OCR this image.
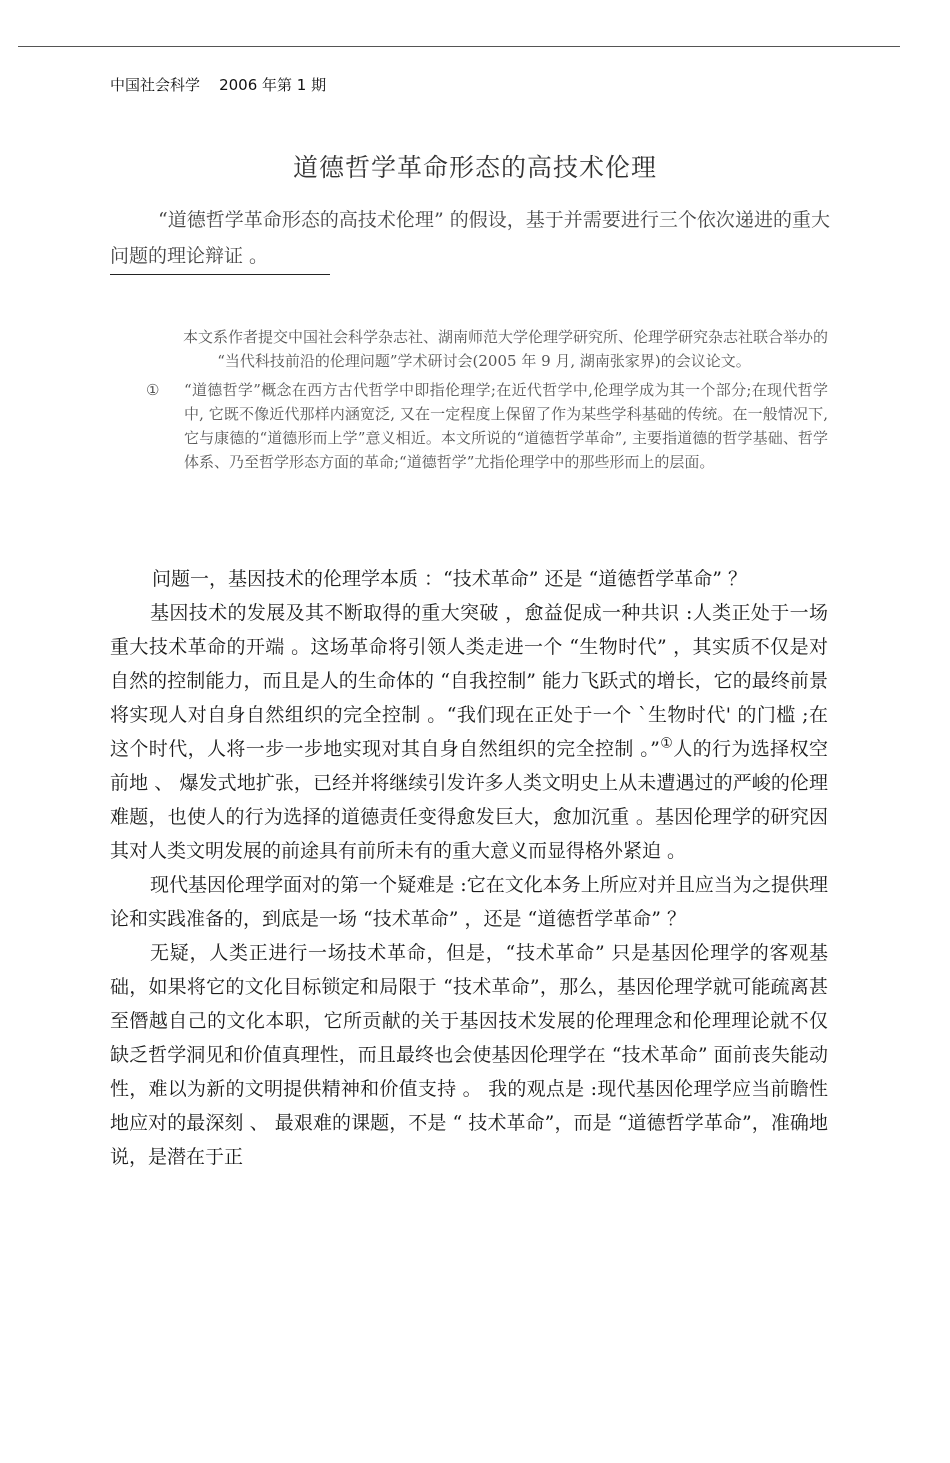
中国社会科学 2006 年第 1 期
道德哲学革命形态的高技术伦理
“道德哲学革命形态的高技术伦理” 的假设，基于并需要进行三个依次递进的重大问题的理论辩证 。

本文系作者提交中国社会科学杂志社、湖南师范大学伦理学研究所、伦理学研究杂志社联合举办的

“当代科技前沿的伦理问题”学术研讨会(2005 年 9 月, 湖南张家界)的会议论文。

① “道德哲学”概念在西方古代哲学中即指伦理学;在近代哲学中,伦理学成为其一个部分;在现代哲学中, 它既不像近代那样内涵宽泛, 又在一定程度上保留了作为某些学科基础的传统。在一般情况下, 它与康德的“道德形而上学”意义相近。本文所说的“道德哲学革命”, 主要指道德的哲学基础、哲学体系、乃至哲学形态方面的革命;“道德哲学”尤指伦理学中的那些形而上的层面。

问题一，基因技术的伦理学本质 ：“技术革命” 还是 “道德哲学革命” ？

基因技术的发展及其不断取得的重大突破 ，愈益促成一种共识 :人类正处于一场重大技术革命的开端 。这场革命将引领人类走进一个 “生物时代” ，其实质不仅是对自然的控制能力，而且是人的生命体的 “自我控制” 能力飞跃式的增长，它的最终前景将实现人对自身自然组织的完全控制 。“我们现在正处于一个 `生物时代' 的门槛 ;在这个时代，人将一步一步地实现对其自身自然组织的完全控制 。”①人的行为选择权空前地 、 爆发式地扩张，已经并将继续引发许多人类文明史上从未遭遇过的严峻的伦理难题，也使人的行为选择的道德责任变得愈发巨大，愈加沉重 。基因伦理学的研究因其对人类文明发展的前途具有前所未有的重大意义而显得格外紧迫 。

现代基因伦理学面对的第一个疑难是 :它在文化本务上所应对并且应当为之提供理论和实践准备的，到底是一场 “技术革命” ，还是 “道德哲学革命” ？

无疑，人类正进行一场技术革命，但是，“技术革命” 只是基因伦理学的客观基础，如果将它的文化目标锁定和局限于 “技术革命”，那么，基因伦理学就可能疏离甚至僭越自己的文化本职，它所贡献的关于基因技术发展的伦理理念和伦理理论就不仅缺乏哲学洞见和价值真理性，而且最终也会使基因伦理学在 “技术革命” 面前丧失能动性，难以为新的文明提供精神和价值支持 。 我的观点是 :现代基因伦理学应当前瞻性地应对的最深刻 、 最艰难的课题，不是 “ 技术革命”，而是 “道德哲学革命”，准确地说，是潜在于正
